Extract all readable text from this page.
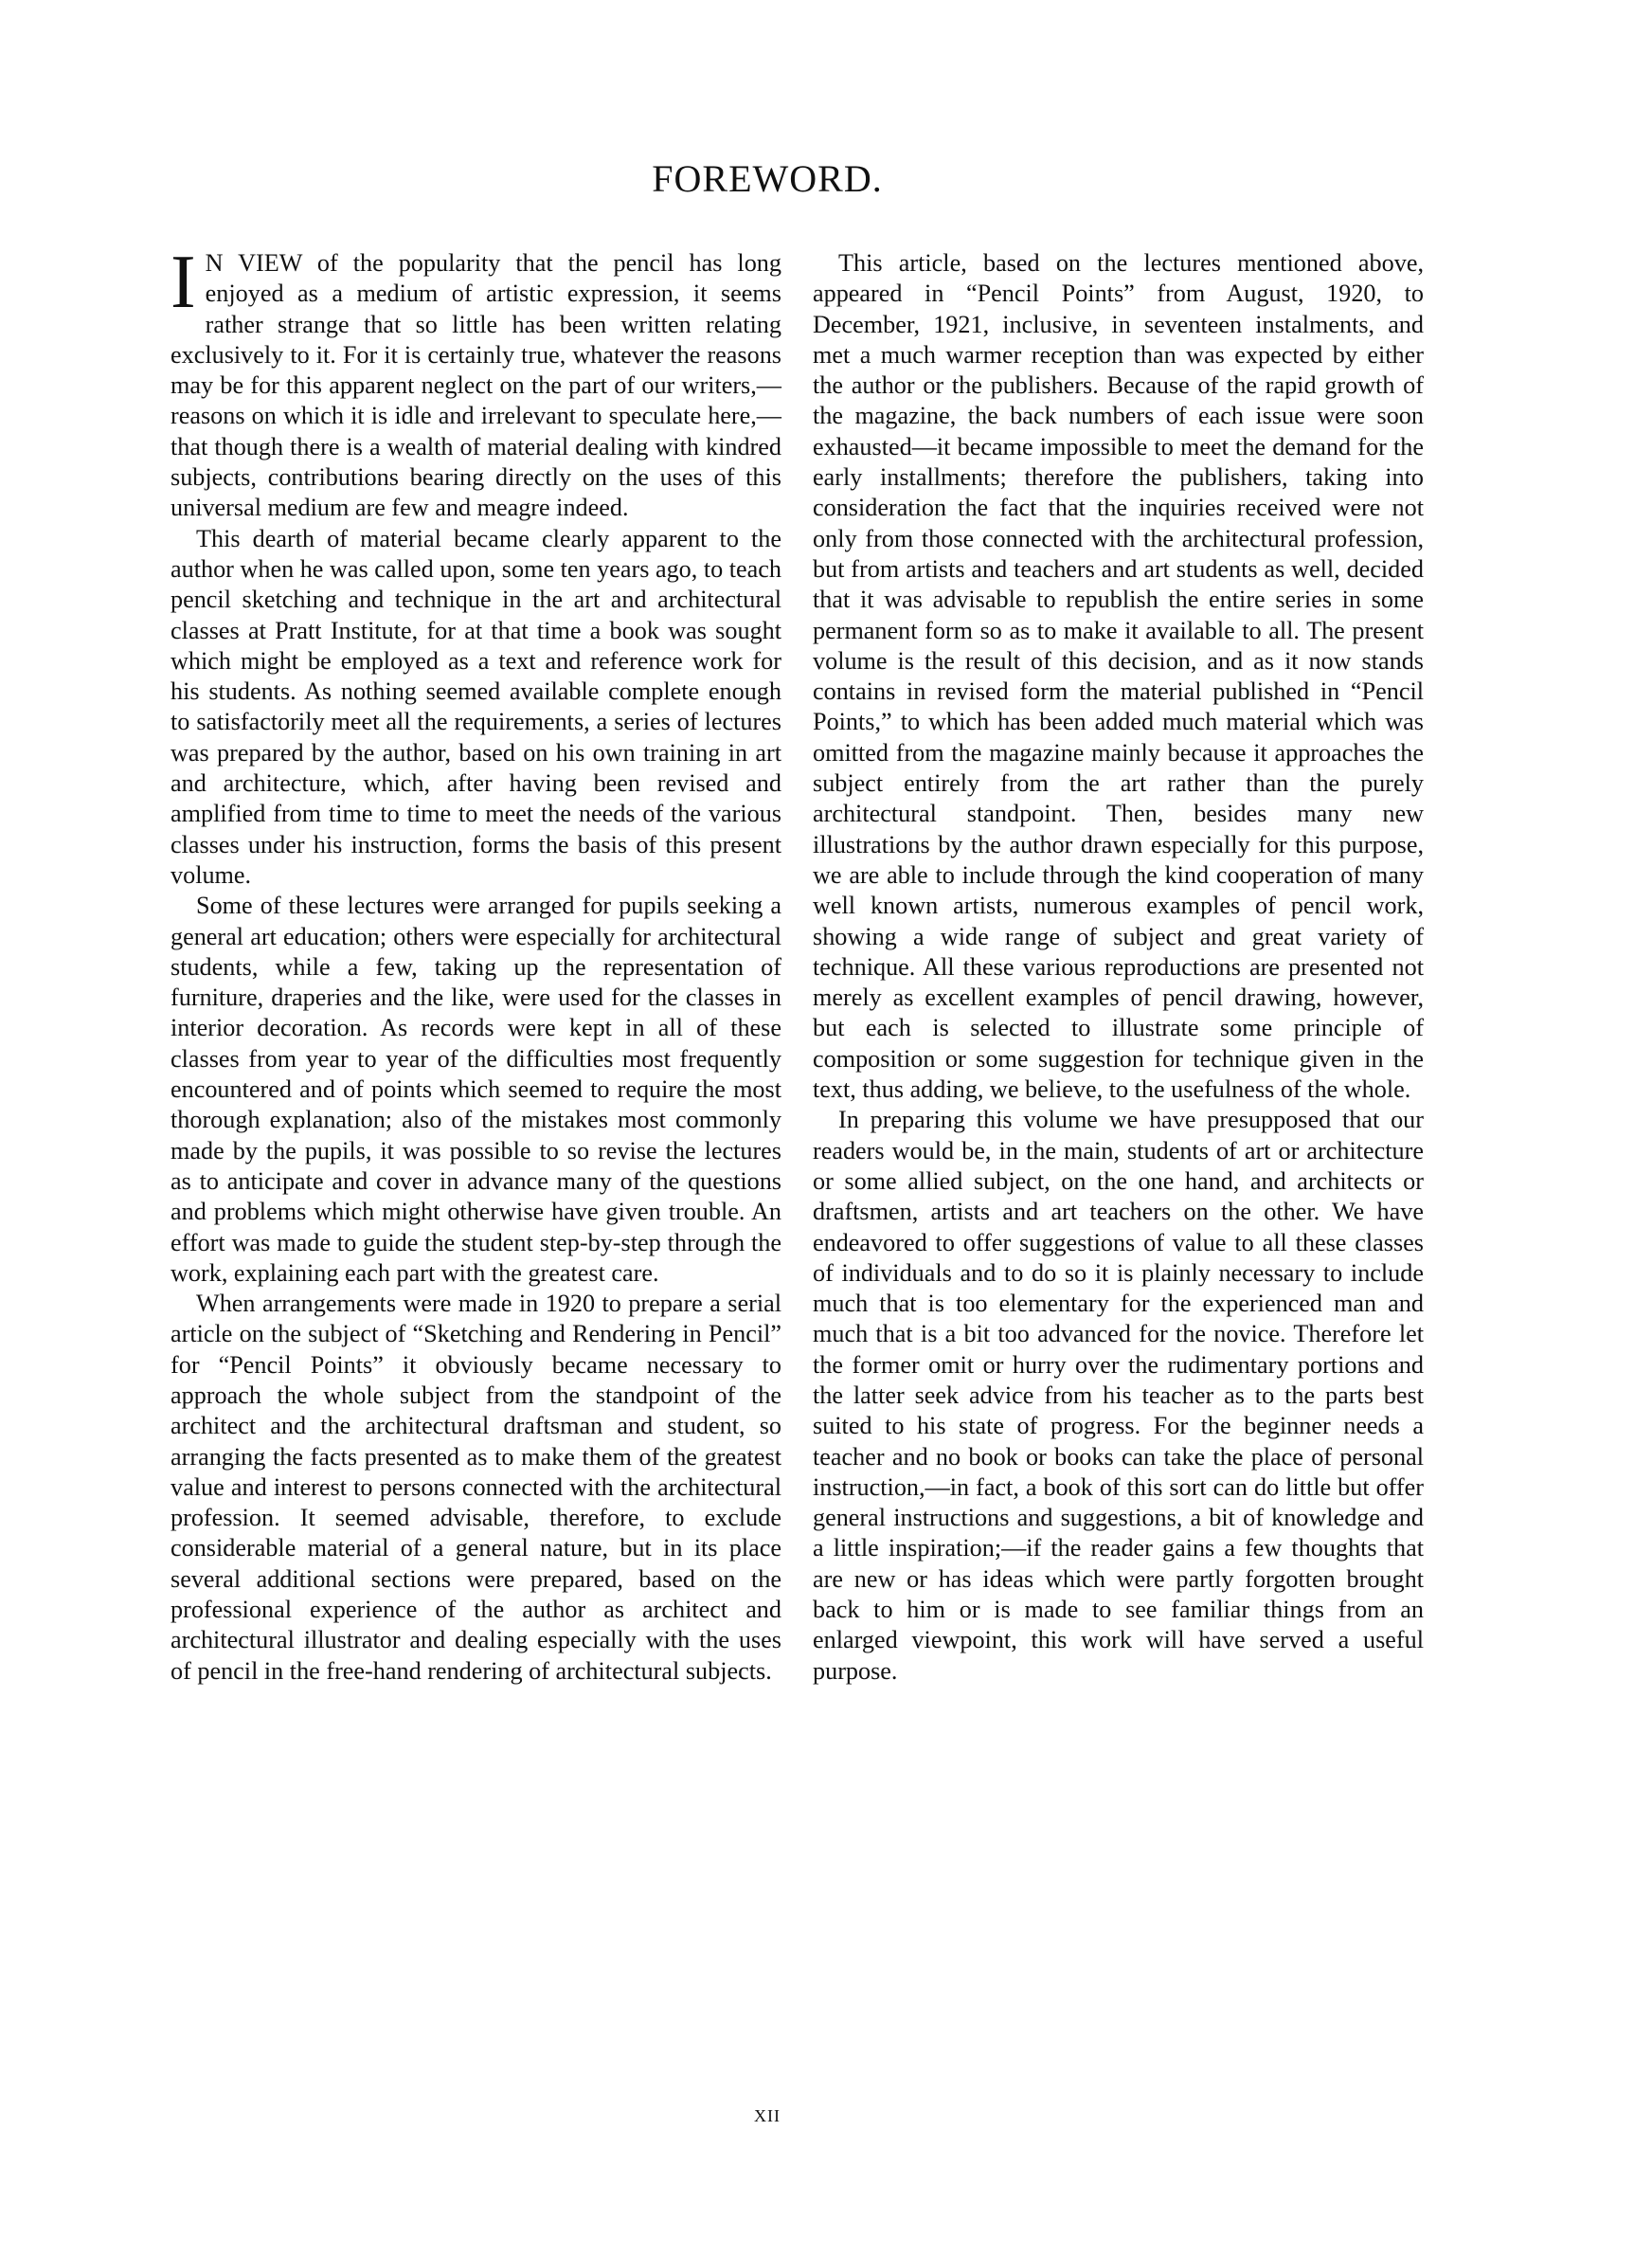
FOREWORD.

I N VIEW of the popularity that the pencil has long enjoyed as a medium of artistic expression, it seems rather strange that so little has been written relating exclusively to it. For it is certainly true, whatever the reasons may be for this apparent neglect on the part of our writers,—reasons on which it is idle and irrelevant to speculate here,—that though there is a wealth of material dealing with kindred subjects, contributions bearing directly on the uses of this universal medium are few and meagre indeed.

This dearth of material became clearly apparent to the author when he was called upon, some ten years ago, to teach pencil sketching and technique in the art and architectural classes at Pratt Institute, for at that time a book was sought which might be employed as a text and reference work for his students. As nothing seemed available complete enough to satisfactorily meet all the requirements, a series of lectures was prepared by the author, based on his own training in art and architecture, which, after having been revised and amplified from time to time to meet the needs of the various classes under his instruction, forms the basis of this present volume.

Some of these lectures were arranged for pupils seeking a general art education; others were especially for architectural students, while a few, taking up the representation of furniture, draperies and the like, were used for the classes in interior decoration. As records were kept in all of these classes from year to year of the difficulties most frequently encountered and of points which seemed to require the most thorough explanation; also of the mistakes most commonly made by the pupils, it was possible to so revise the lectures as to anticipate and cover in advance many of the questions and problems which might otherwise have given trouble. An effort was made to guide the student step-by-step through the work, explaining each part with the greatest care.

When arrangements were made in 1920 to prepare a serial article on the subject of “Sketching and Rendering in Pencil” for “Pencil Points” it obviously became necessary to approach the whole subject from the standpoint of the architect and the architectural draftsman and student, so arranging the facts presented as to make them of the greatest value and interest to persons connected with the architectural profession. It seemed advisable, therefore, to exclude considerable material of a general nature, but in its place several additional sections were prepared, based on the professional experience of the author as architect and architectural illustrator and dealing especially with the uses of pencil in the free-hand rendering of architectural subjects.

This article, based on the lectures mentioned above, appeared in “Pencil Points” from August, 1920, to December, 1921, inclusive, in seventeen instalments, and met a much warmer reception than was expected by either the author or the publishers. Because of the rapid growth of the magazine, the back numbers of each issue were soon exhausted—it became impossible to meet the demand for the early installments; therefore the publishers, taking into consideration the fact that the inquiries received were not only from those connected with the architectural profession, but from artists and teachers and art students as well, decided that it was advisable to republish the entire series in some permanent form so as to make it available to all. The present volume is the result of this decision, and as it now stands contains in revised form the material published in “Pencil Points,” to which has been added much material which was omitted from the magazine mainly because it approaches the subject entirely from the art rather than the purely architectural standpoint. Then, besides many new illustrations by the author drawn especially for this purpose, we are able to include through the kind cooperation of many well known artists, numerous examples of pencil work, showing a wide range of subject and great variety of technique. All these various reproductions are presented not merely as excellent examples of pencil drawing, however, but each is selected to illustrate some principle of composition or some suggestion for technique given in the text, thus adding, we believe, to the usefulness of the whole.

In preparing this volume we have presupposed that our readers would be, in the main, students of art or architecture or some allied subject, on the one hand, and architects or draftsmen, artists and art teachers on the other. We have endeavored to offer suggestions of value to all these classes of individuals and to do so it is plainly necessary to include much that is too elementary for the experienced man and much that is a bit too advanced for the novice. Therefore let the former omit or hurry over the rudimentary portions and the latter seek advice from his teacher as to the parts best suited to his state of progress. For the beginner needs a teacher and no book or books can take the place of personal instruction,—in fact, a book of this sort can do little but offer general instructions and suggestions, a bit of knowledge and a little inspiration;—if the reader gains a few thoughts that are new or has ideas which were partly forgotten brought back to him or is made to see familiar things from an enlarged viewpoint, this work will have served a useful purpose.

XII
